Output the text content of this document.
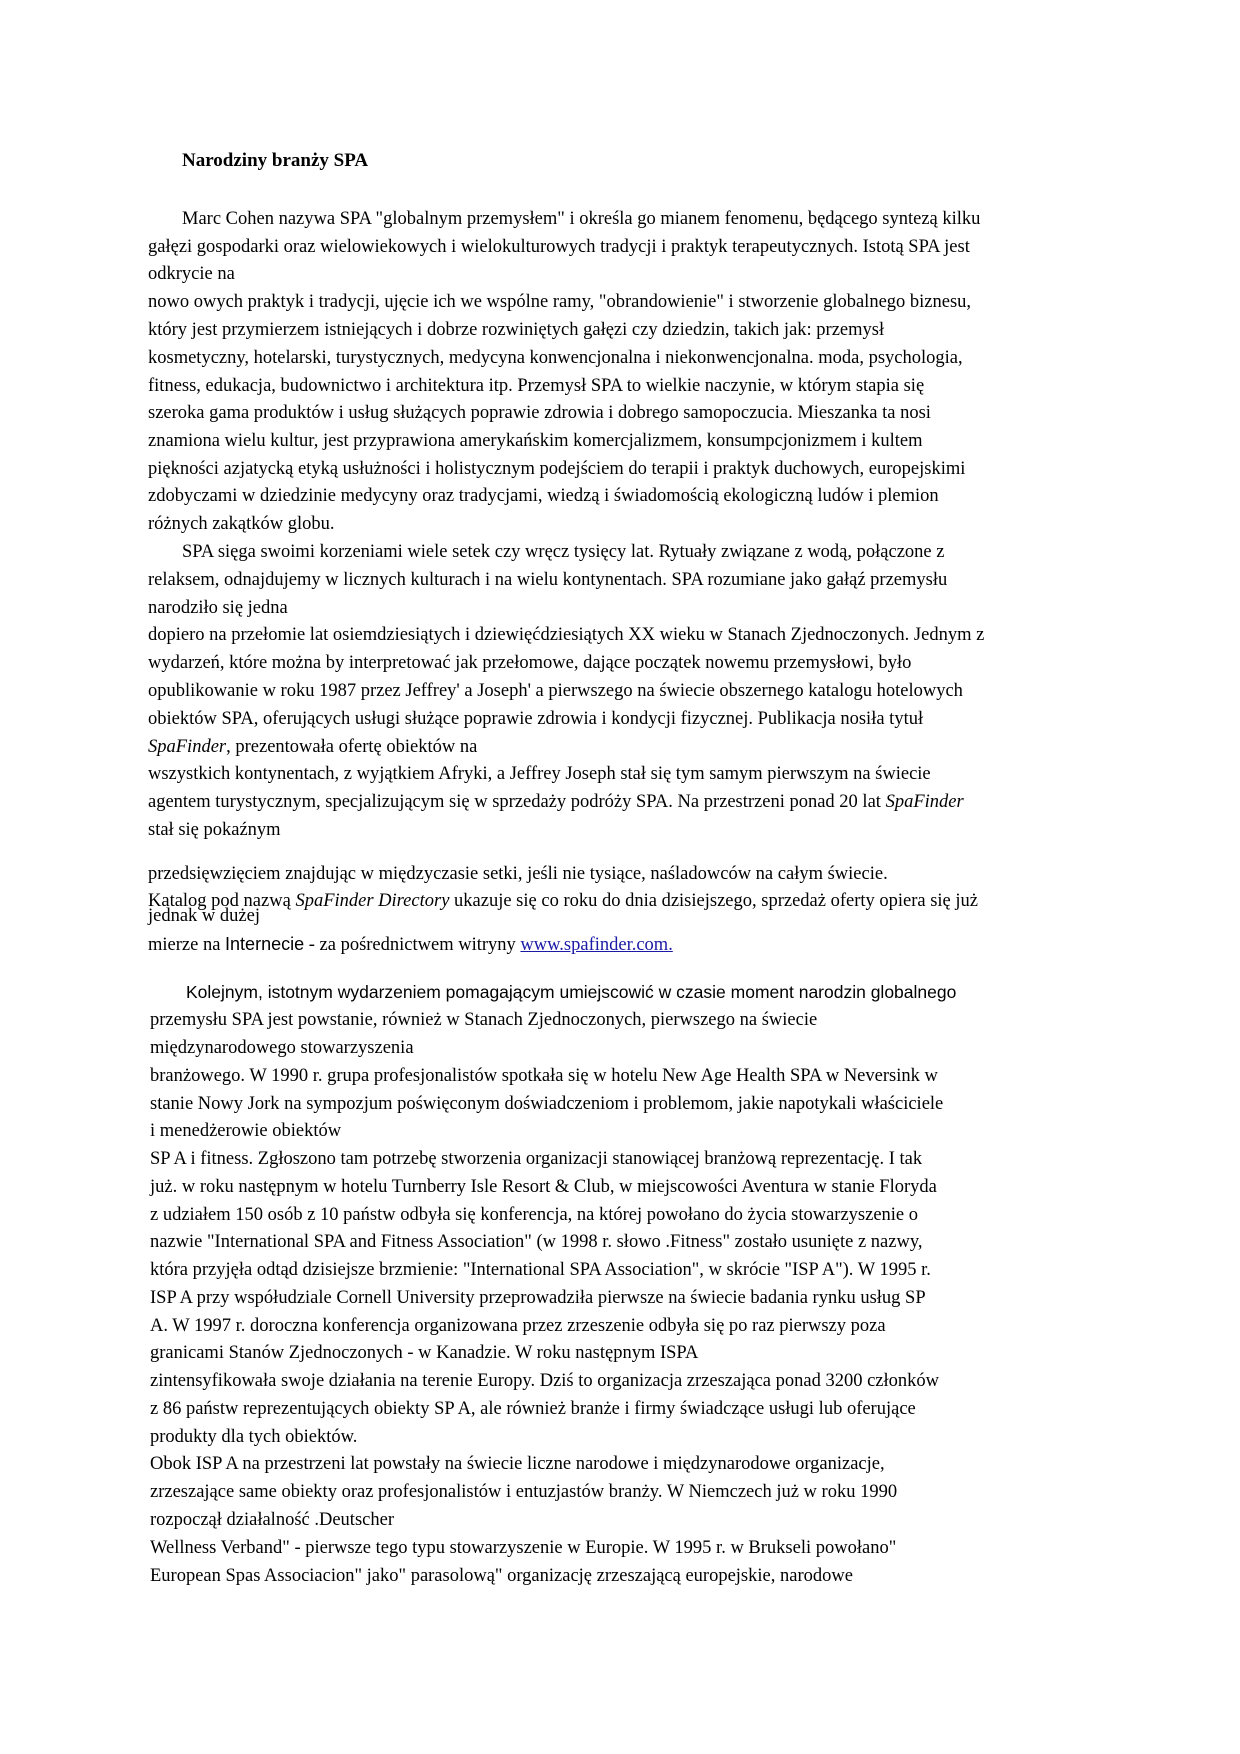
Narodziny branży SPA
Marc Cohen nazywa SPA "globalnym przemysłem" i określa go mianem fenomenu, będącego syntezą kilku
gałęzi gospodarki oraz wielowiekowych i wielokulturowych tradycji i praktyk terapeutycznych. Istotą SPA jest
odkrycie na
nowo owych praktyk i tradycji, ujęcie ich we wspólne ramy, "obrandowienie" i stworzenie globalnego biznesu,
który jest przymierzem istniejących i dobrze rozwiniętych gałęzi czy dziedzin, takich jak: przemysł
kosmetyczny, hotelarski, turystycznych, medycyna konwencjonalna i niekonwencjonalna. moda, psychologia,
fitness, edukacja, budownictwo i architektura itp. Przemysł SPA to wielkie naczynie, w którym stapia się
szeroka gama produktów i usług służących poprawie zdrowia i dobrego samopoczucia. Mieszanka ta nosi
znamiona wielu kultur, jest przyprawiona amerykańskim komercjalizmem, konsumpcjonizmem i kultem
piękności azjatycką etyką usłużności i holistycznym podejściem do terapii i praktyk duchowych, europejskimi
zdobyczami w dziedzinie medycyny oraz tradycjami, wiedzą i świadomością ekologiczną ludów i plemion
różnych zakątków globu.
SPA sięga swoimi korzeniami wiele setek czy wręcz tysięcy lat. Rytuały związane z wodą, połączone z
relaksem, odnajdujemy w licznych kulturach i na wielu kontynentach. SPA rozumiane jako gałąź przemysłu
narodziło się jedna
dopiero na przełomie lat osiemdziesiątych i dziewięćdziesiątych XX wieku w Stanach Zjednoczonych. Jednym z
wydarzeń, które można by interpretować jak przełomowe, dające początek nowemu przemysłowi, było
opublikowanie w roku 1987 przez Jeffrey' a Joseph' a pierwszego na świecie obszernego katalogu hotelowych
obiektów SPA, oferujących usługi służące poprawie zdrowia i kondycji fizycznej. Publikacja nosiła tytuł
SpaFinder, prezentowała ofertę obiektów na
wszystkich kontynentach, z wyjątkiem Afryki, a Jeffrey Joseph stał się tym samym pierwszym na świecie
agentem turystycznym, specjalizującym się w sprzedaży podróży SPA. Na przestrzeni ponad 20 lat SpaFinder
stał się pokaźnym
przedsięwzięciem znajdując w międzyczasie setki, jeśli nie tysiące, naśladowców na całym świecie.
Katalog pod nazwą SpaFinder Directory ukazuje się co roku do dnia dzisiejszego, sprzedaż oferty opiera się już
jednak w dużej
mierze na Internecie - za pośrednictwem witryny www.spafinder.com.
Kolejnym, istotnym wydarzeniem pomagającym umiejscowić w czasie moment narodzin globalnego
przemysłu SPA jest powstanie, również w Stanach Zjednoczonych, pierwszego na świecie
międzynarodowego stowarzyszenia
branżowego. W 1990 r. grupa profesjonalistów spotkała się w hotelu New Age Health SPA w Neversink w
stanie Nowy Jork na sympozjum poświęconym doświadczeniom i problemom, jakie napotykali właściciele
i menedżerowie obiektów
SP A i fitness. Zgłoszono tam potrzebę stworzenia organizacji stanowiącej branżową reprezentację. I tak
już. w roku następnym w hotelu Turnberry Isle Resort & Club, w miejscowości Aventura w stanie Floryda
z udziałem 150 osób z 10 państw odbyła się konferencja, na której powołano do życia stowarzyszenie o
nazwie "International SPA and Fitness Association" (w 1998 r. słowo .Fitness" zostało usunięte z nazwy,
która przyjęła odtąd dzisiejsze brzmienie: "International SPA Association", w skrócie "ISP A"). W 1995 r.
ISP A przy współudziale Cornell University przeprowadziła pierwsze na świecie badania rynku usług SP
A. W 1997 r. doroczna konferencja organizowana przez zrzeszenie odbyła się po raz pierwszy poza
granicami Stanów Zjednoczonych - w Kanadzie. W roku następnym ISPA
zintensyfikowała swoje działania na terenie Europy. Dziś to organizacja zrzeszająca ponad 3200 członków
z 86 państw reprezentujących obiekty SP A, ale również branże i firmy świadczące usługi lub oferujące
produkty dla tych obiektów.
Obok ISP A na przestrzeni lat powstały na świecie liczne narodowe i międzynarodowe organizacje,
zrzeszające same obiekty oraz profesjonalistów i entuzjastów branży. W Niemczech już w roku 1990
rozpoczął działalność .Deutscher
Wellness Verband" - pierwsze tego typu stowarzyszenie w Europie. W 1995 r. w Brukseli powołano"
European Spas Associacion" jako" parasolową" organizację zrzeszającą europejskie, narodowe
